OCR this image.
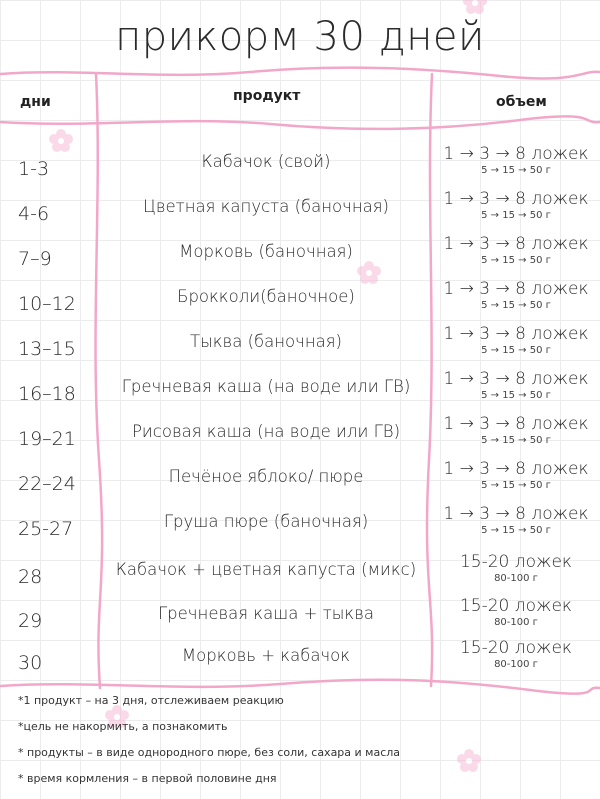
прикорм 30 дней
дни	продукт	объем
1-3	Кабачок (свой)	1 → 3 → 8 ложек
5 → 15 → 50 г
4-6	Цветная капуста (баночная)	1 → 3 → 8 ложек
5 → 15 → 50 г
7–9	Морковь (баночная)	1 → 3 → 8 ложек
5 → 15 → 50 г
10–12	Брокколи(баночное)	1 → 3 → 8 ложек
5 → 15 → 50 г
13–15	Тыква (баночная)	1 → 3 → 8 ложек
5 → 15 → 50 г
16–18	Гречневая каша (на воде или ГВ)	1 → 3 → 8 ложек
5 → 15 → 50 г
19–21	Рисовая каша (на воде или ГВ)	1 → 3 → 8 ложек
5 → 15 → 50 г
22–24	Печёное яблоко/ пюре	1 → 3 → 8 ложек
5 → 15 → 50 г
25-27	Груша пюре (баночная)	1 → 3 → 8 ложек
5 → 15 → 50 г
28	Кабачок + цветная капуста (микс)	15-20 ложек
80-100 г
29	Гречневая каша + тыква	15-20 ложек
80-100 г
30	Морковь + кабачок	15-20 ложек
80-100 г
*1 продукт – на 3 дня, отслеживаем реакцию
*цель не накормить, а познакомить
* продукты – в виде однородного пюре, без соли, сахара и масла
* время кормления – в первой половине дня
